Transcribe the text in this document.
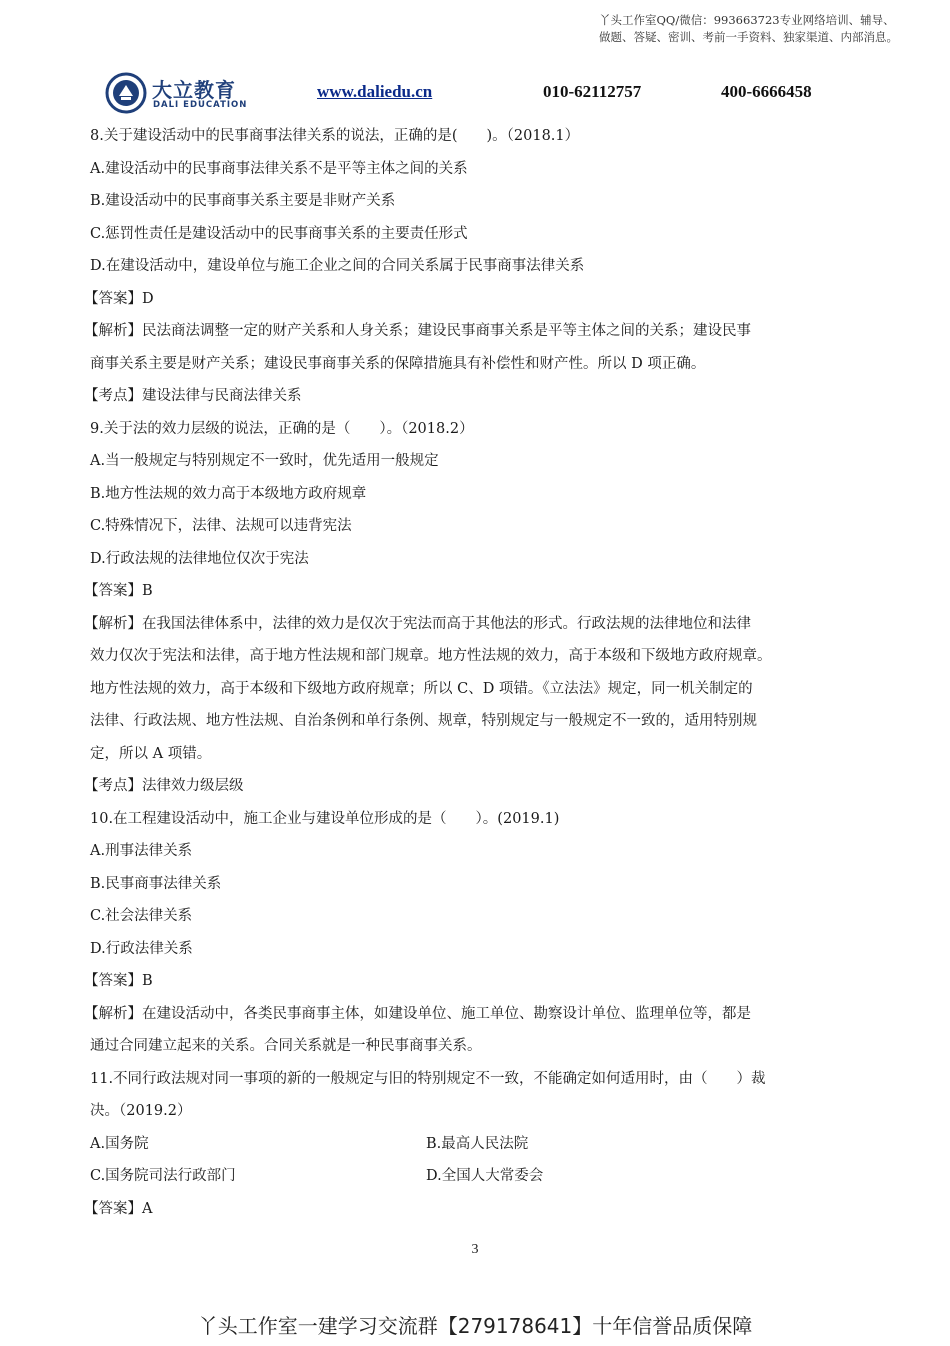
丫头工作室QQ/微信：993663723专业网络培训、辅导、
做题、答疑、密训、考前一手资料、独家渠道、内部消息。
大立教育
DALI EDUCATION
www.daliedu.cn	010-62112757	400-6666458

8.关于建设活动中的民事商事法律关系的说法，正确的是(　　)。（2018.1）

A.建设活动中的民事商事法律关系不是平等主体之间的关系

B.建设活动中的民事商事关系主要是非财产关系

C.惩罚性责任是建设活动中的民事商事关系的主要责任形式

D.在建设活动中，建设单位与施工企业之间的合同关系属于民事商事法律关系

【答案】D

【解析】民法商法调整一定的财产关系和人身关系；建设民事商事关系是平等主体之间的关系；建设民事

商事关系主要是财产关系；建设民事商事关系的保障措施具有补偿性和财产性。所以 D 项正确。

【考点】建设法律与民商法律关系

9.关于法的效力层级的说法，正确的是（　　）。（2018.2）

A.当一般规定与特别规定不一致时，优先适用一般规定

B.地方性法规的效力高于本级地方政府规章

C.特殊情况下，法律、法规可以违背宪法

D.行政法规的法律地位仅次于宪法

【答案】B

【解析】在我国法律体系中，法律的效力是仅次于宪法而高于其他法的形式。行政法规的法律地位和法律

效力仅次于宪法和法律，高于地方性法规和部门规章。地方性法规的效力，高于本级和下级地方政府规章。

地方性法规的效力，高于本级和下级地方政府规章；所以 C、D 项错。《立法法》规定，同一机关制定的

法律、行政法规、地方性法规、自治条例和单行条例、规章，特别规定与一般规定不一致的，适用特别规

定，所以 A 项错。

【考点】法律效力级层级

10.在工程建设活动中，施工企业与建设单位形成的是（　　）。(2019.1)

A.刑事法律关系

B.民事商事法律关系

C.社会法律关系

D.行政法律关系

【答案】B

【解析】在建设活动中，各类民事商事主体，如建设单位、施工单位、勘察设计单位、监理单位等，都是

通过合同建立起来的关系。合同关系就是一种民事商事关系。

11.不同行政法规对同一事项的新的一般规定与旧的特别规定不一致，不能确定如何适用时，由（　　）裁

决。（2019.2）

A.国务院	B.最高人民法院
C.国务院司法行政部门	D.全国人大常委会

【答案】A

3
丫头工作室一建学习交流群【279178641】十年信誉品质保障
